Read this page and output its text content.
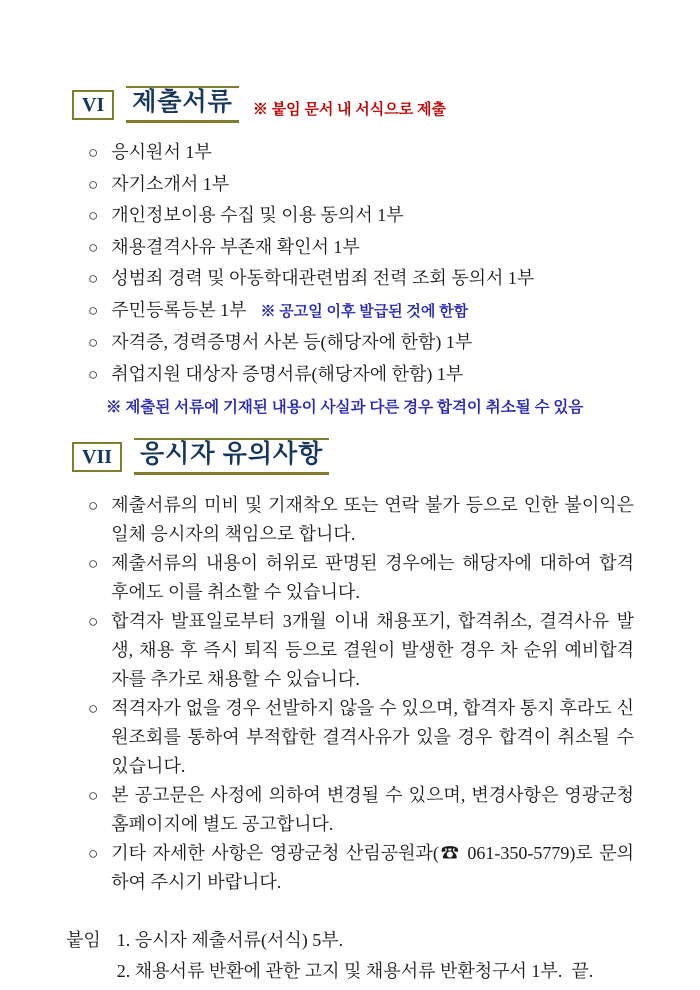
VI	제출서류	※ 붙임 문서 내 서식으로 제출
○ 응시원서 1부
○ 자기소개서 1부
○ 개인정보이용 수집 및 이용 동의서 1부
○ 채용결격사유 부존재 확인서 1부
○ 성범죄 경력 및 아동학대관련범죄 전력 조회 동의서 1부
○ 주민등록등본 1부 ※ 공고일 이후 발급된 것에 한함
○ 자격증, 경력증명서 사본 등(해당자에 한함) 1부
○ 취업지원 대상자 증명서류(해당자에 한함) 1부
※ 제출된 서류에 기재된 내용이 사실과 다른 경우 합격이 취소될 수 있음
VII	응시자 유의사항
○ 제출서류의 미비 및 기재착오 또는 연락 불가 등으로 인한 불이익은 일체 응시자의 책임으로 합니다.
○ 제출서류의 내용이 허위로 판명된 경우에는 해당자에 대하여 합격 후에도 이를 취소할 수 있습니다.
○ 합격자 발표일로부터 3개월 이내 채용포기, 합격취소, 결격사유 발생, 채용 후 즉시 퇴직 등으로 결원이 발생한 경우 차 순위 예비합격자를 추가로 채용할 수 있습니다.
○ 적격자가 없을 경우 선발하지 않을 수 있으며, 합격자 통지 후라도 신원조회를 통하여 부적합한 결격사유가 있을 경우 합격이 취소될 수 있습니다.
○ 본 공고문은 사정에 의하여 변경될 수 있으며, 변경사항은 영광군청 홈페이지에 별도 공고합니다.
○ 기타 자세한 사항은 영광군청 산림공원과(☎ 061-350-5779)로 문의하여 주시기 바랍니다.
붙임 1. 응시자 제출서류(서식) 5부.
2. 채용서류 반환에 관한 고지 및 채용서류 반환청구서 1부.  끝.
